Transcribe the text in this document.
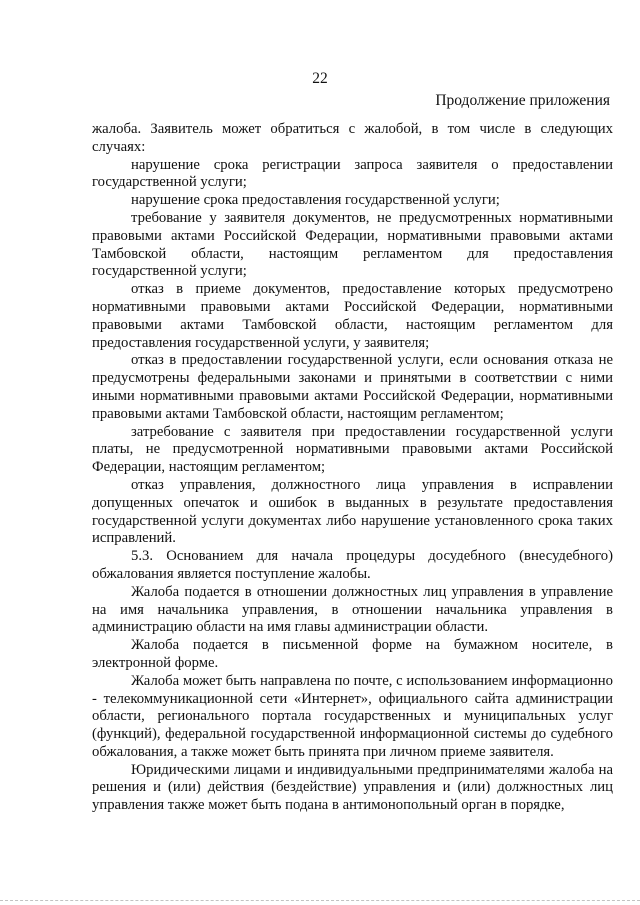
22
Продолжение приложения

жалоба. Заявитель может обратиться с жалобой, в том числе в следующих случаях:

нарушение срока регистрации запроса заявителя о предоставлении государственной услуги;

нарушение срока предоставления государственной услуги;

требование у заявителя документов, не предусмотренных нормативными правовыми актами Российской Федерации, нормативными правовыми актами Тамбовской области, настоящим регламентом для предоставления государственной услуги;

отказ в приеме документов, предоставление которых предусмотрено нормативными правовыми актами Российской Федерации, нормативными правовыми актами Тамбовской области, настоящим регламентом для предоставления государственной услуги, у заявителя;

отказ в предоставлении государственной услуги, если основания отказа не предусмотрены федеральными законами и принятыми в соответствии с ними иными нормативными правовыми актами Российской Федерации, нормативными правовыми актами Тамбовской области, настоящим регламентом;

затребование с заявителя при предоставлении государственной услуги платы, не предусмотренной нормативными правовыми актами Российской Федерации, настоящим регламентом;

отказ управления, должностного лица управления в исправлении допущенных опечаток и ошибок в выданных в результате предоставления государственной услуги документах либо нарушение установленного срока таких исправлений.

5.3. Основанием для начала процедуры досудебного (внесудебного) обжалования является поступление жалобы.

Жалоба подается в отношении должностных лиц управления в управление на имя начальника управления, в отношении начальника управления в администрацию области на имя главы администрации области.

Жалоба подается в письменной форме на бумажном носителе, в электронной форме.

Жалоба может быть направлена по почте, с использованием информационно - телекоммуникационной сети «Интернет», официального сайта администрации области, регионального портала государственных и муниципальных услуг (функций), федеральной государственной информационной системы до судебного обжалования, а также может быть принята при личном приеме заявителя.

Юридическими лицами и индивидуальными предпринимателями жалоба на решения и (или) действия (бездействие) управления и (или) должностных лиц управления также может быть подана в антимонопольный орган в порядке,
